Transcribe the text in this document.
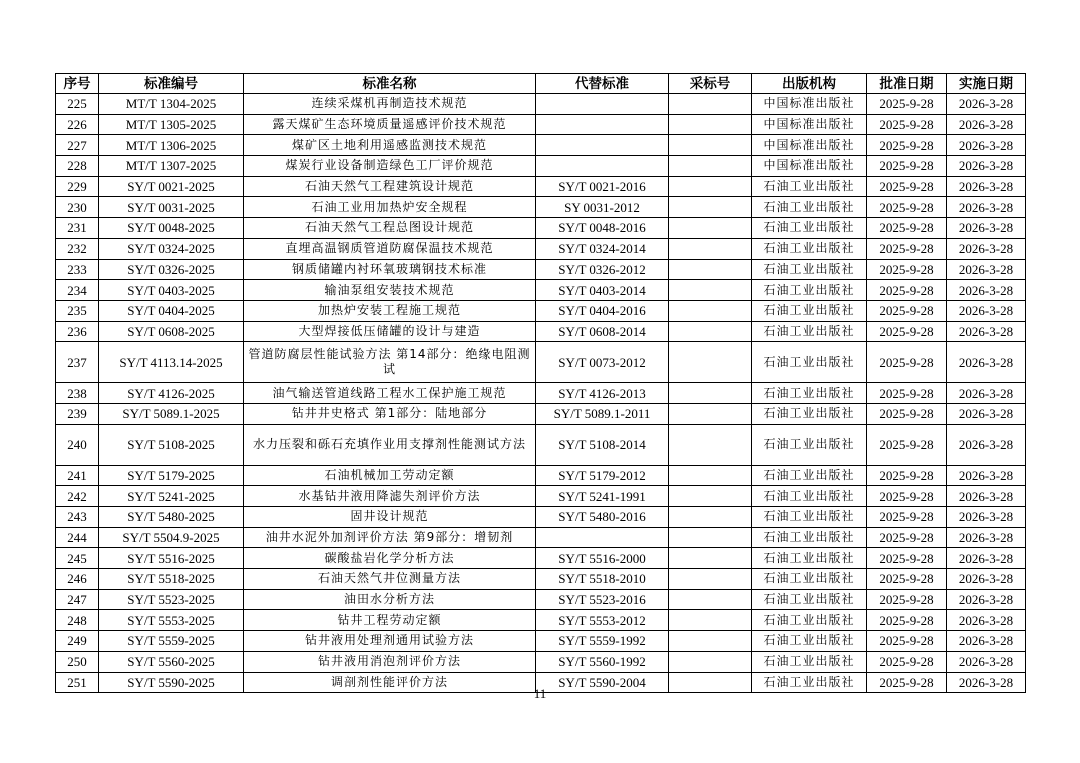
序号	标准编号	标准名称	代替标准	采标号	出版机构	批准日期	实施日期
225	MT/T 1304-2025	连续采煤机再制造技术规范			中国标准出版社	2025-9-28	2026-3-28
226	MT/T 1305-2025	露天煤矿生态环境质量遥感评价技术规范			中国标准出版社	2025-9-28	2026-3-28
227	MT/T 1306-2025	煤矿区土地利用遥感监测技术规范			中国标准出版社	2025-9-28	2026-3-28
228	MT/T 1307-2025	煤炭行业设备制造绿色工厂评价规范			中国标准出版社	2025-9-28	2026-3-28
229	SY/T 0021-2025	石油天然气工程建筑设计规范	SY/T 0021-2016		石油工业出版社	2025-9-28	2026-3-28
230	SY/T 0031-2025	石油工业用加热炉安全规程	SY 0031-2012		石油工业出版社	2025-9-28	2026-3-28
231	SY/T 0048-2025	石油天然气工程总图设计规范	SY/T 0048-2016		石油工业出版社	2025-9-28	2026-3-28
232	SY/T 0324-2025	直埋高温钢质管道防腐保温技术规范	SY/T 0324-2014		石油工业出版社	2025-9-28	2026-3-28
233	SY/T 0326-2025	钢质储罐内衬环氧玻璃钢技术标准	SY/T 0326-2012		石油工业出版社	2025-9-28	2026-3-28
234	SY/T 0403-2025	输油泵组安装技术规范	SY/T 0403-2014		石油工业出版社	2025-9-28	2026-3-28
235	SY/T 0404-2025	加热炉安装工程施工规范	SY/T 0404-2016		石油工业出版社	2025-9-28	2026-3-28
236	SY/T 0608-2025	大型焊接低压储罐的设计与建造	SY/T 0608-2014		石油工业出版社	2025-9-28	2026-3-28
237	SY/T 4113.14-2025	管道防腐层性能试验方法 第14部分：绝缘电阻测试	SY/T 0073-2012		石油工业出版社	2025-9-28	2026-3-28
238	SY/T 4126-2025	油气输送管道线路工程水工保护施工规范	SY/T 4126-2013		石油工业出版社	2025-9-28	2026-3-28
239	SY/T 5089.1-2025	钻井井史格式 第1部分：陆地部分	SY/T 5089.1-2011		石油工业出版社	2025-9-28	2026-3-28
240	SY/T 5108-2025	水力压裂和砾石充填作业用支撑剂性能测试方法	SY/T 5108-2014		石油工业出版社	2025-9-28	2026-3-28
241	SY/T 5179-2025	石油机械加工劳动定额	SY/T 5179-2012		石油工业出版社	2025-9-28	2026-3-28
242	SY/T 5241-2025	水基钻井液用降滤失剂评价方法	SY/T 5241-1991		石油工业出版社	2025-9-28	2026-3-28
243	SY/T 5480-2025	固井设计规范	SY/T 5480-2016		石油工业出版社	2025-9-28	2026-3-28
244	SY/T 5504.9-2025	油井水泥外加剂评价方法 第9部分：增韧剂			石油工业出版社	2025-9-28	2026-3-28
245	SY/T 5516-2025	碳酸盐岩化学分析方法	SY/T 5516-2000		石油工业出版社	2025-9-28	2026-3-28
246	SY/T 5518-2025	石油天然气井位测量方法	SY/T 5518-2010		石油工业出版社	2025-9-28	2026-3-28
247	SY/T 5523-2025	油田水分析方法	SY/T 5523-2016		石油工业出版社	2025-9-28	2026-3-28
248	SY/T 5553-2025	钻井工程劳动定额	SY/T 5553-2012		石油工业出版社	2025-9-28	2026-3-28
249	SY/T 5559-2025	钻井液用处理剂通用试验方法	SY/T 5559-1992		石油工业出版社	2025-9-28	2026-3-28
250	SY/T 5560-2025	钻井液用消泡剂评价方法	SY/T 5560-1992		石油工业出版社	2025-9-28	2026-3-28
251	SY/T 5590-2025	调剖剂性能评价方法	SY/T 5590-2004		石油工业出版社	2025-9-28	2026-3-28
11
